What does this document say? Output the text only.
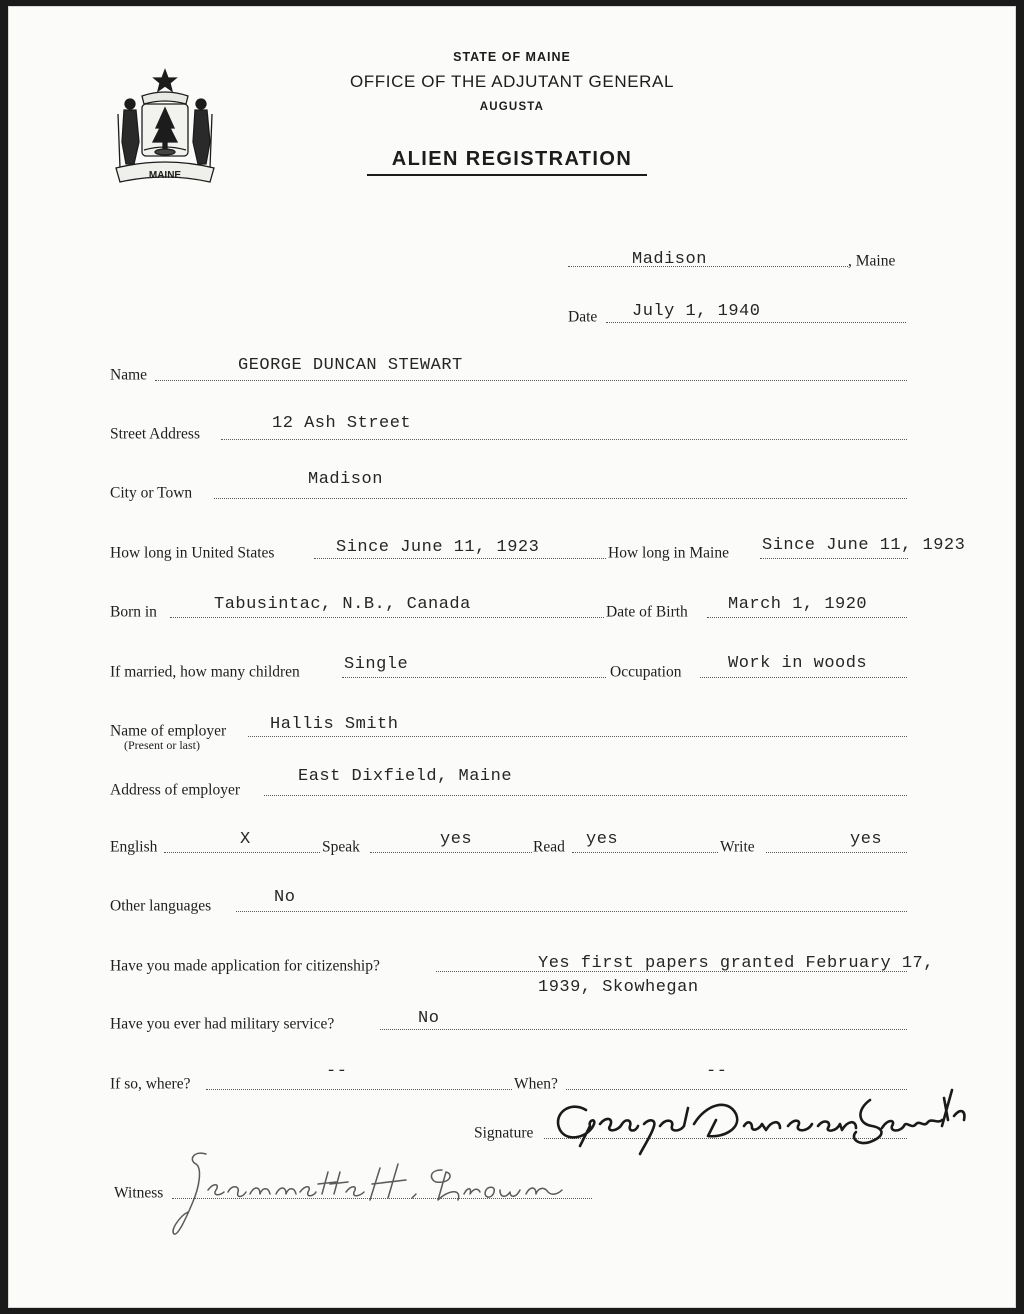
MAINE
STATE OF MAINE
OFFICE OF THE ADJUTANT GENERAL
AUGUSTA
ALIEN REGISTRATION
Madison	, Maine
Date July 1, 1940
Name	GEORGE DUNCAN STEWART
Street Address
12 Ash Street
City or Town
Madison
How long in United States	Since June 11, 1923	How long in Maine Since June 11, 1923
Born in	Tabusintac, N.B., Canada	Date of Birth March 1, 1920
If married, how many children	Single	Occupation	Work in woods
Name of employer
(Present or last)
Hallis Smith
Address of employer
East Dixfield, Maine
English	X	Speak	yes	Read yes	Write	yes
Other languages	No
Have you made application for citizenship?	Yes first papers granted February 17,
1939, Skowhegan
Have you ever had military service?	No
If so, where?
--
When?
--
Signature
Witness
